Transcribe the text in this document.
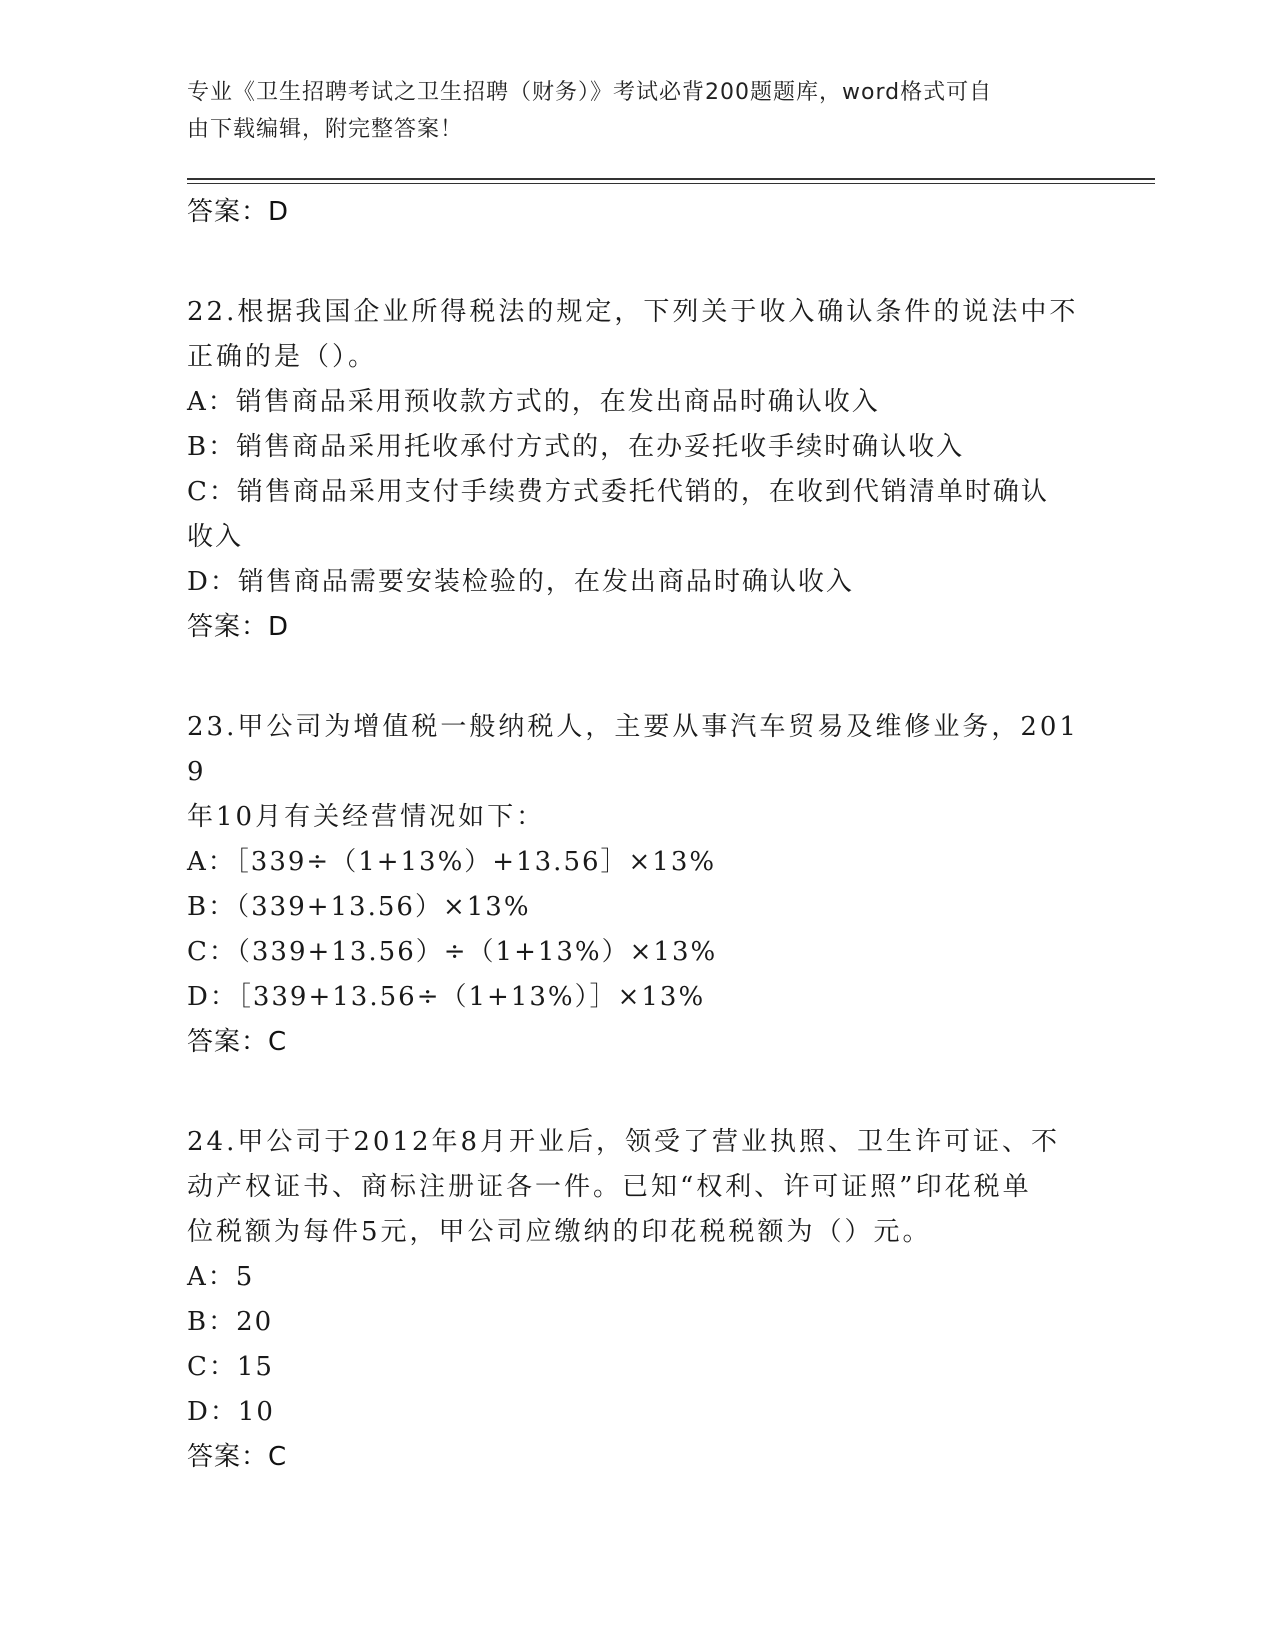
专业《卫生招聘考试之卫生招聘（财务）》考试必背200题题库，word格式可自
由下载编辑，附完整答案！
答案：D
22.根据我国企业所得税法的规定，下列关于收入确认条件的说法中不
正确的是（）。
A：销售商品采用预收款方式的，在发出商品时确认收入
B：销售商品采用托收承付方式的，在办妥托收手续时确认收入
C：销售商品采用支付手续费方式委托代销的，在收到代销清单时确认
收入
D：销售商品需要安装检验的，在发出商品时确认收入
答案：D
23.甲公司为增值税一般纳税人，主要从事汽车贸易及维修业务，2019
年10月有关经营情况如下：
A：［339÷（1+13%）+13.56］×13%
B：（339+13.56）×13%
C：（339+13.56）÷（1+13%）×13%
D：［339+13.56÷（1+13%）］×13%
答案：C
24.甲公司于2012年8月开业后，领受了营业执照、卫生许可证、不
动产权证书、商标注册证各一件。已知“权利、许可证照”印花税单
位税额为每件5元，甲公司应缴纳的印花税税额为（）元。
A：5
B：20
C：15
D：10
答案：C
